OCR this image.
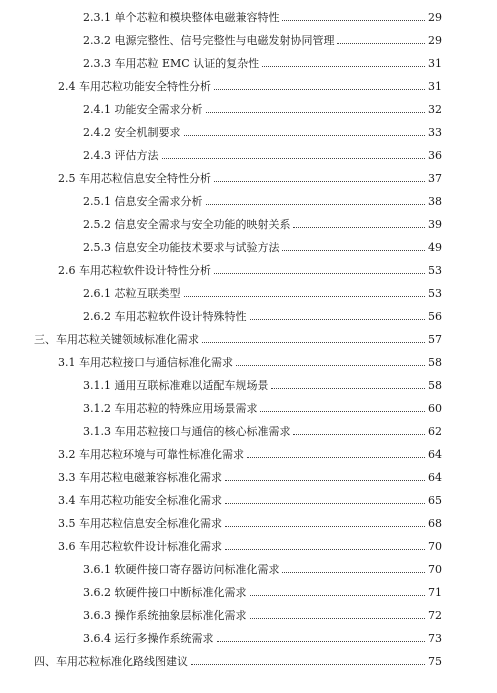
2.3.1 单个芯粒和模块整体电磁兼容特性	29
2.3.2 电源完整性、信号完整性与电磁发射协同管理	29
2.3.3 车用芯粒 EMC 认证的复杂性	31
2.4 车用芯粒功能安全特性分析	31
2.4.1 功能安全需求分析	32
2.4.2 安全机制要求	33
2.4.3 评估方法	36
2.5 车用芯粒信息安全特性分析	37
2.5.1 信息安全需求分析	38
2.5.2 信息安全需求与安全功能的映射关系	39
2.5.3 信息安全功能技术要求与试验方法	49
2.6 车用芯粒软件设计特性分析	53
2.6.1 芯粒互联类型	53
2.6.2 车用芯粒软件设计特殊特性	56
三、车用芯粒关键领域标准化需求	57
3.1 车用芯粒接口与通信标准化需求	58
3.1.1 通用互联标准难以适配车规场景	58
3.1.2 车用芯粒的特殊应用场景需求	60
3.1.3 车用芯粒接口与通信的核心标准需求	62
3.2 车用芯粒环境与可靠性标准化需求	64
3.3 车用芯粒电磁兼容标准化需求	64
3.4 车用芯粒功能安全标准化需求	65
3.5 车用芯粒信息安全标准化需求	68
3.6 车用芯粒软件设计标准化需求	70
3.6.1 软硬件接口寄存器访问标准化需求	70
3.6.2 软硬件接口中断标准化需求	71
3.6.3 操作系统抽象层标准化需求	72
3.6.4 运行多操作系统需求	73
四、车用芯粒标准化路线图建议	75
